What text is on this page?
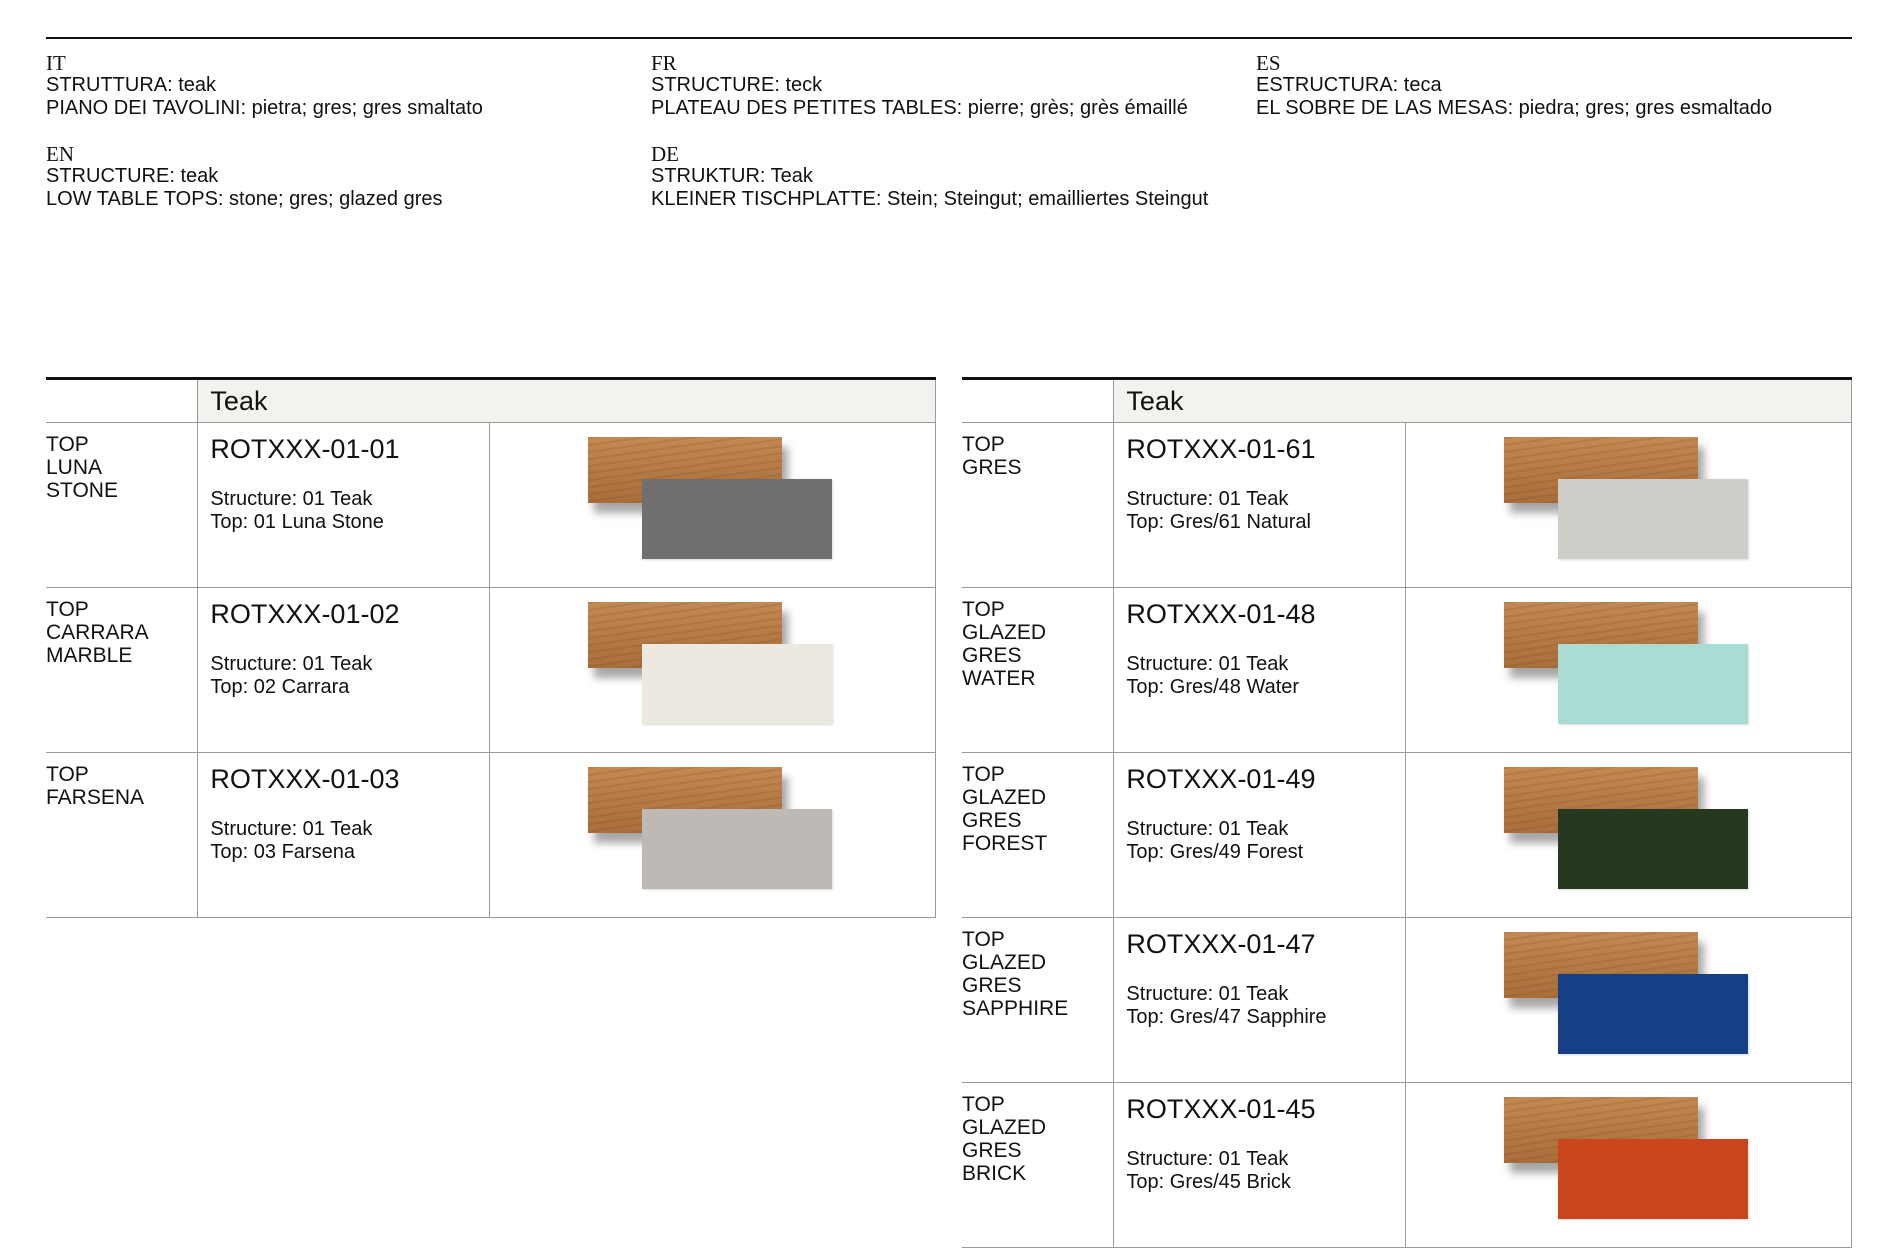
IT
STRUTTURA: teak
PIANO DEI TAVOLINI: pietra; gres; gres smaltato
FR
STRUCTURE: teck
PLATEAU DES PETITES TABLES: pierre; grès; grès émaillé
ES
ESTRUCTURA: teca
EL SOBRE DE LAS MESAS: piedra; gres; gres esmaltado
EN
STRUCTURE: teak
LOW TABLE TOPS: stone; gres; glazed gres
DE
STRUKTUR: Teak
KLEINER TISCHPLATTE: Stein; Steingut; emailliertes Steingut
	Teak	

TOP
LUNA
STONE	ROTXXX-01-01
Structure: 01 Teak
Top: 01 Luna Stone	

TOP
CARRARA
MARBLE	ROTXXX-01-02
Structure: 01 Teak
Top: 02 Carrara	

TOP
FARSENA	ROTXXX-01-03
Structure: 01 Teak
Top: 03 Farsena	

	Teak	

TOP
GRES	ROTXXX-01-61
Structure: 01 Teak
Top: Gres/61 Natural	

TOP
GLAZED
GRES
WATER	ROTXXX-01-48
Structure: 01 Teak
Top: Gres/48 Water	

TOP
GLAZED
GRES
FOREST	ROTXXX-01-49
Structure: 01 Teak
Top: Gres/49 Forest	

TOP
GLAZED
GRES
SAPPHIRE	ROTXXX-01-47
Structure: 01 Teak
Top: Gres/47 Sapphire	

TOP
GLAZED
GRES
BRICK	ROTXXX-01-45
Structure: 01 Teak
Top: Gres/45 Brick	
